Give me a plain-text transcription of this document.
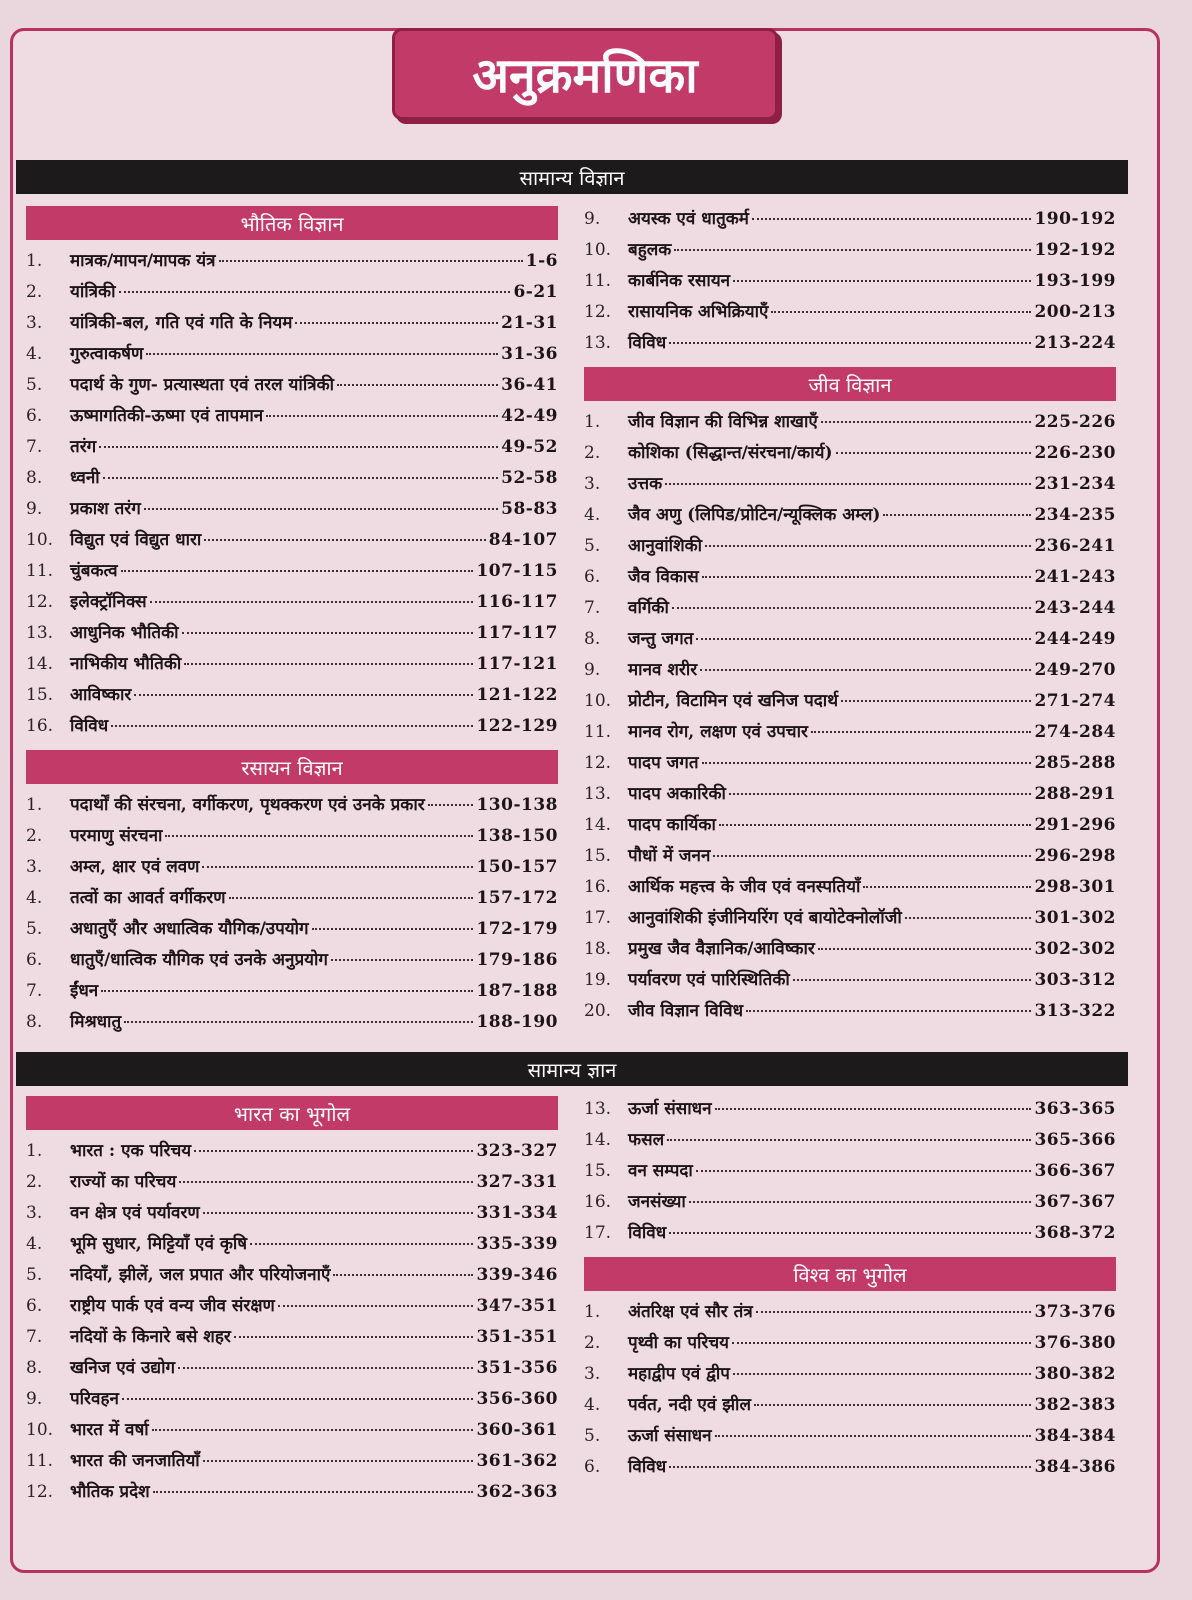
अनुक्रमणिका
सामान्य विज्ञान
भौतिक विज्ञान
1.	मात्रक/मापन/मापक यंत्र	1-6
2.	यांत्रिकी	6-21
3.	यांत्रिकी-बल, गति एवं गति के नियम	21-31
4.	गुरुत्वाकर्षण	31-36
5.	पदार्थ के गुण- प्रत्यास्थता एवं तरल यांत्रिकी	36-41
6.	ऊष्मागतिकी-ऊष्मा एवं तापमान	42-49
7.	तरंग	49-52
8.	ध्वनी	52-58
9.	प्रकाश तरंग	58-83
10. विद्युत एवं विद्युत धारा	84-107
11. चुंबकत्व	107-115
12. इलेक्ट्रॉनिक्स	116-117
13. आधुनिक भौतिकी	117-117
14. नाभिकीय भौतिकी	117-121
15. आविष्कार	121-122
16. विविध	122-129
रसायन विज्ञान
1.	पदार्थों की संरचना, वर्गीकरण, पृथक्करण एवं उनके प्रकार	130-138
2.	परमाणु संरचना	138-150
3.	अम्ल, क्षार एवं लवण	150-157
4.	तत्वों का आवर्त वर्गीकरण	157-172
5.	अधातुएँ और अधात्विक यौगिक/उपयोग	172-179
6.	धातुएँ/धात्विक यौगिक एवं उनके अनुप्रयोग	179-186
7.	ईंधन	187-188
8.	मिश्रधातु	188-190
9.	अयस्क एवं धातुकर्म	190-192
10. बहुलक	192-192
11. कार्बनिक रसायन	193-199
12. रासायनिक अभिक्रियाएँ	200-213
13. विविध	213-224
जीव विज्ञान
1.	जीव विज्ञान की विभिन्न शाखाएँ	225-226
2.	कोशिका (सिद्धान्त/संरचना/कार्य)	226-230
3.	उत्तक	231-234
4.	जैव अणु (लिपिड/प्रोटिन/न्यूक्लिक अम्ल)	234-235
5.	आनुवांशिकी	236-241
6.	जैव विकास	241-243
7.	वर्गिकी	243-244
8.	जन्तु जगत	244-249
9.	मानव शरीर	249-270
10. प्रोटीन, विटामिन एवं खनिज पदार्थ	271-274
11. मानव रोग, लक्षण एवं उपचार	274-284
12. पादप जगत	285-288
13. पादप अकारिकी	288-291
14. पादप कार्यिका	291-296
15. पौधों में जनन	296-298
16. आर्थिक महत्त्व के जीव एवं वनस्पतियाँ	298-301
17. आनुवांशिकी इंजीनियरिंग एवं बायोटेक्नोलॉजी	301-302
18. प्रमुख जैव वैज्ञानिक/आविष्कार	302-302
19. पर्यावरण एवं पारिस्थितिकी	303-312
20. जीव विज्ञान विविध	313-322
सामान्य ज्ञान
भारत का भूगोल
1.	भारत : एक परिचय	323-327
2.	राज्यों का परिचय	327-331
3.	वन क्षेत्र एवं पर्यावरण	331-334
4.	भूमि सुधार, मिट्टियाँ एवं कृषि	335-339
5.	नदियाँ, झीलें, जल प्रपात और परियोजनाएँ	339-346
6.	राष्ट्रीय पार्क एवं वन्य जीव संरक्षण	347-351
7.	नदियों के किनारे बसे शहर	351-351
8.	खनिज एवं उद्योग	351-356
9.	परिवहन	356-360
10. भारत में वर्षा	360-361
11. भारत की जनजातियाँ	361-362
12. भौतिक प्रदेश	362-363
13. ऊर्जा संसाधन	363-365
14. फसल	365-366
15. वन सम्पदा	366-367
16. जनसंख्या	367-367
17. विविध	368-372
विश्व का भुगोल
1.	अंतरिक्ष एवं सौर तंत्र	373-376
2.	पृथ्वी का परिचय	376-380
3.	महाद्वीप एवं द्वीप	380-382
4.	पर्वत, नदी एवं झील	382-383
5.	ऊर्जा संसाधन	384-384
6.	विविध	384-386
